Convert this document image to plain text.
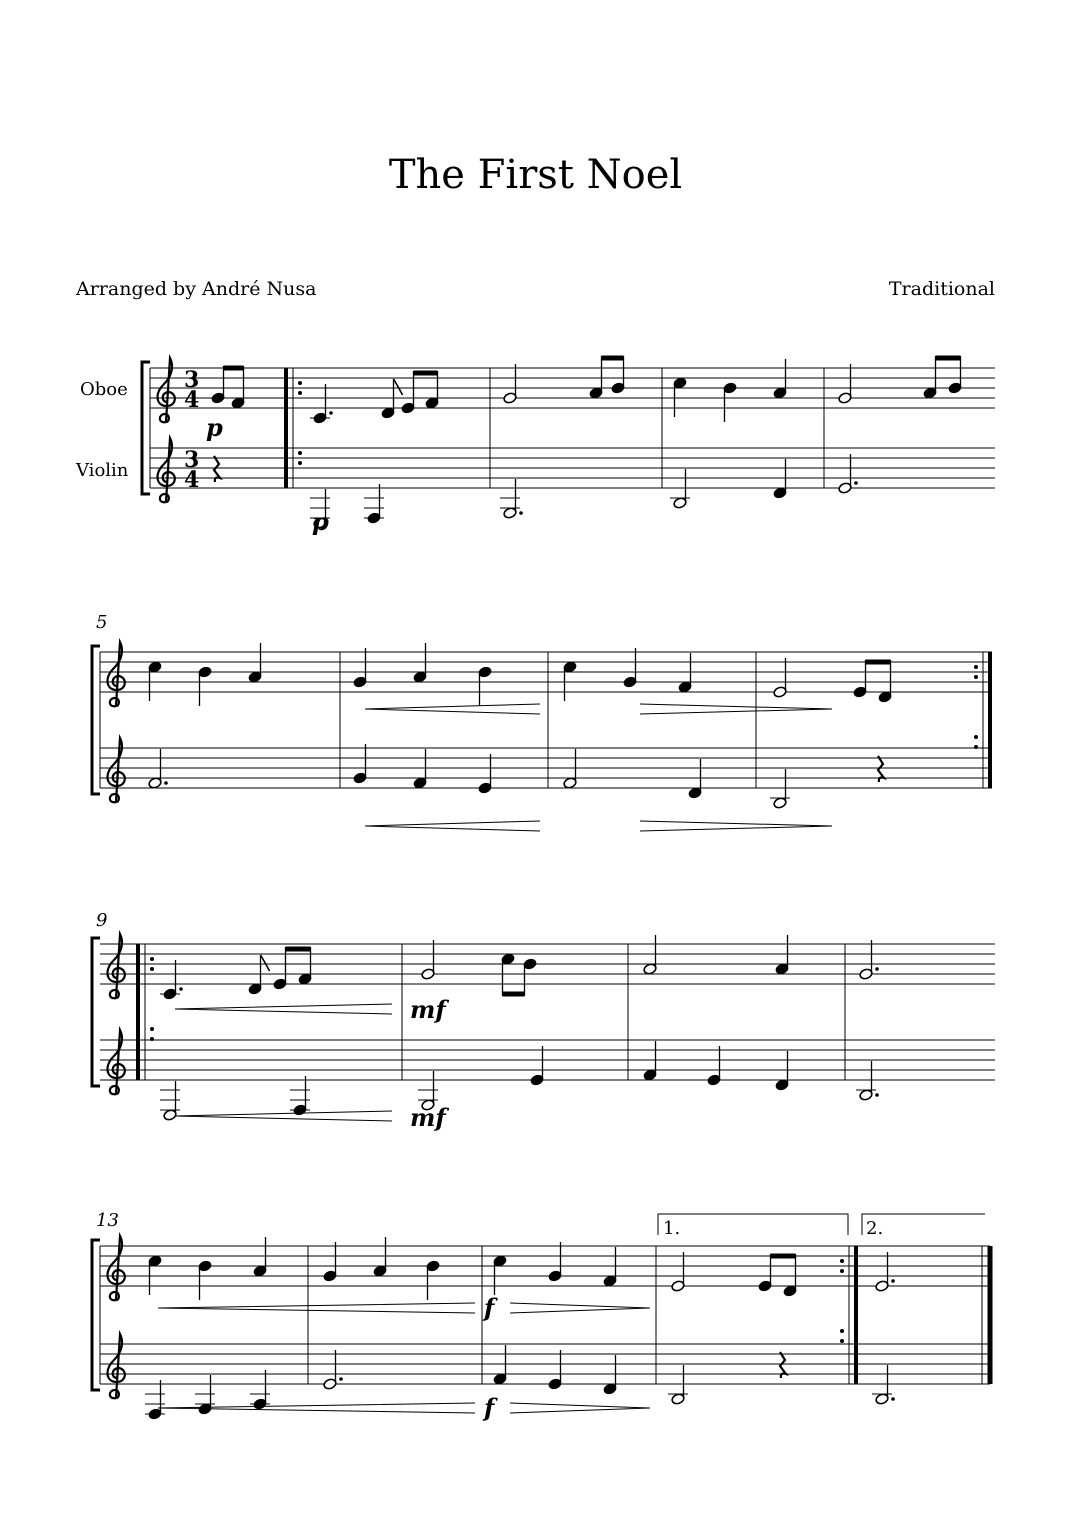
The First Noel
Arranged by André Nusa	Traditional
3
4
3
4
Oboe
Violin
p
p
5
9
mf
mf
13
f
f
1.	2.
